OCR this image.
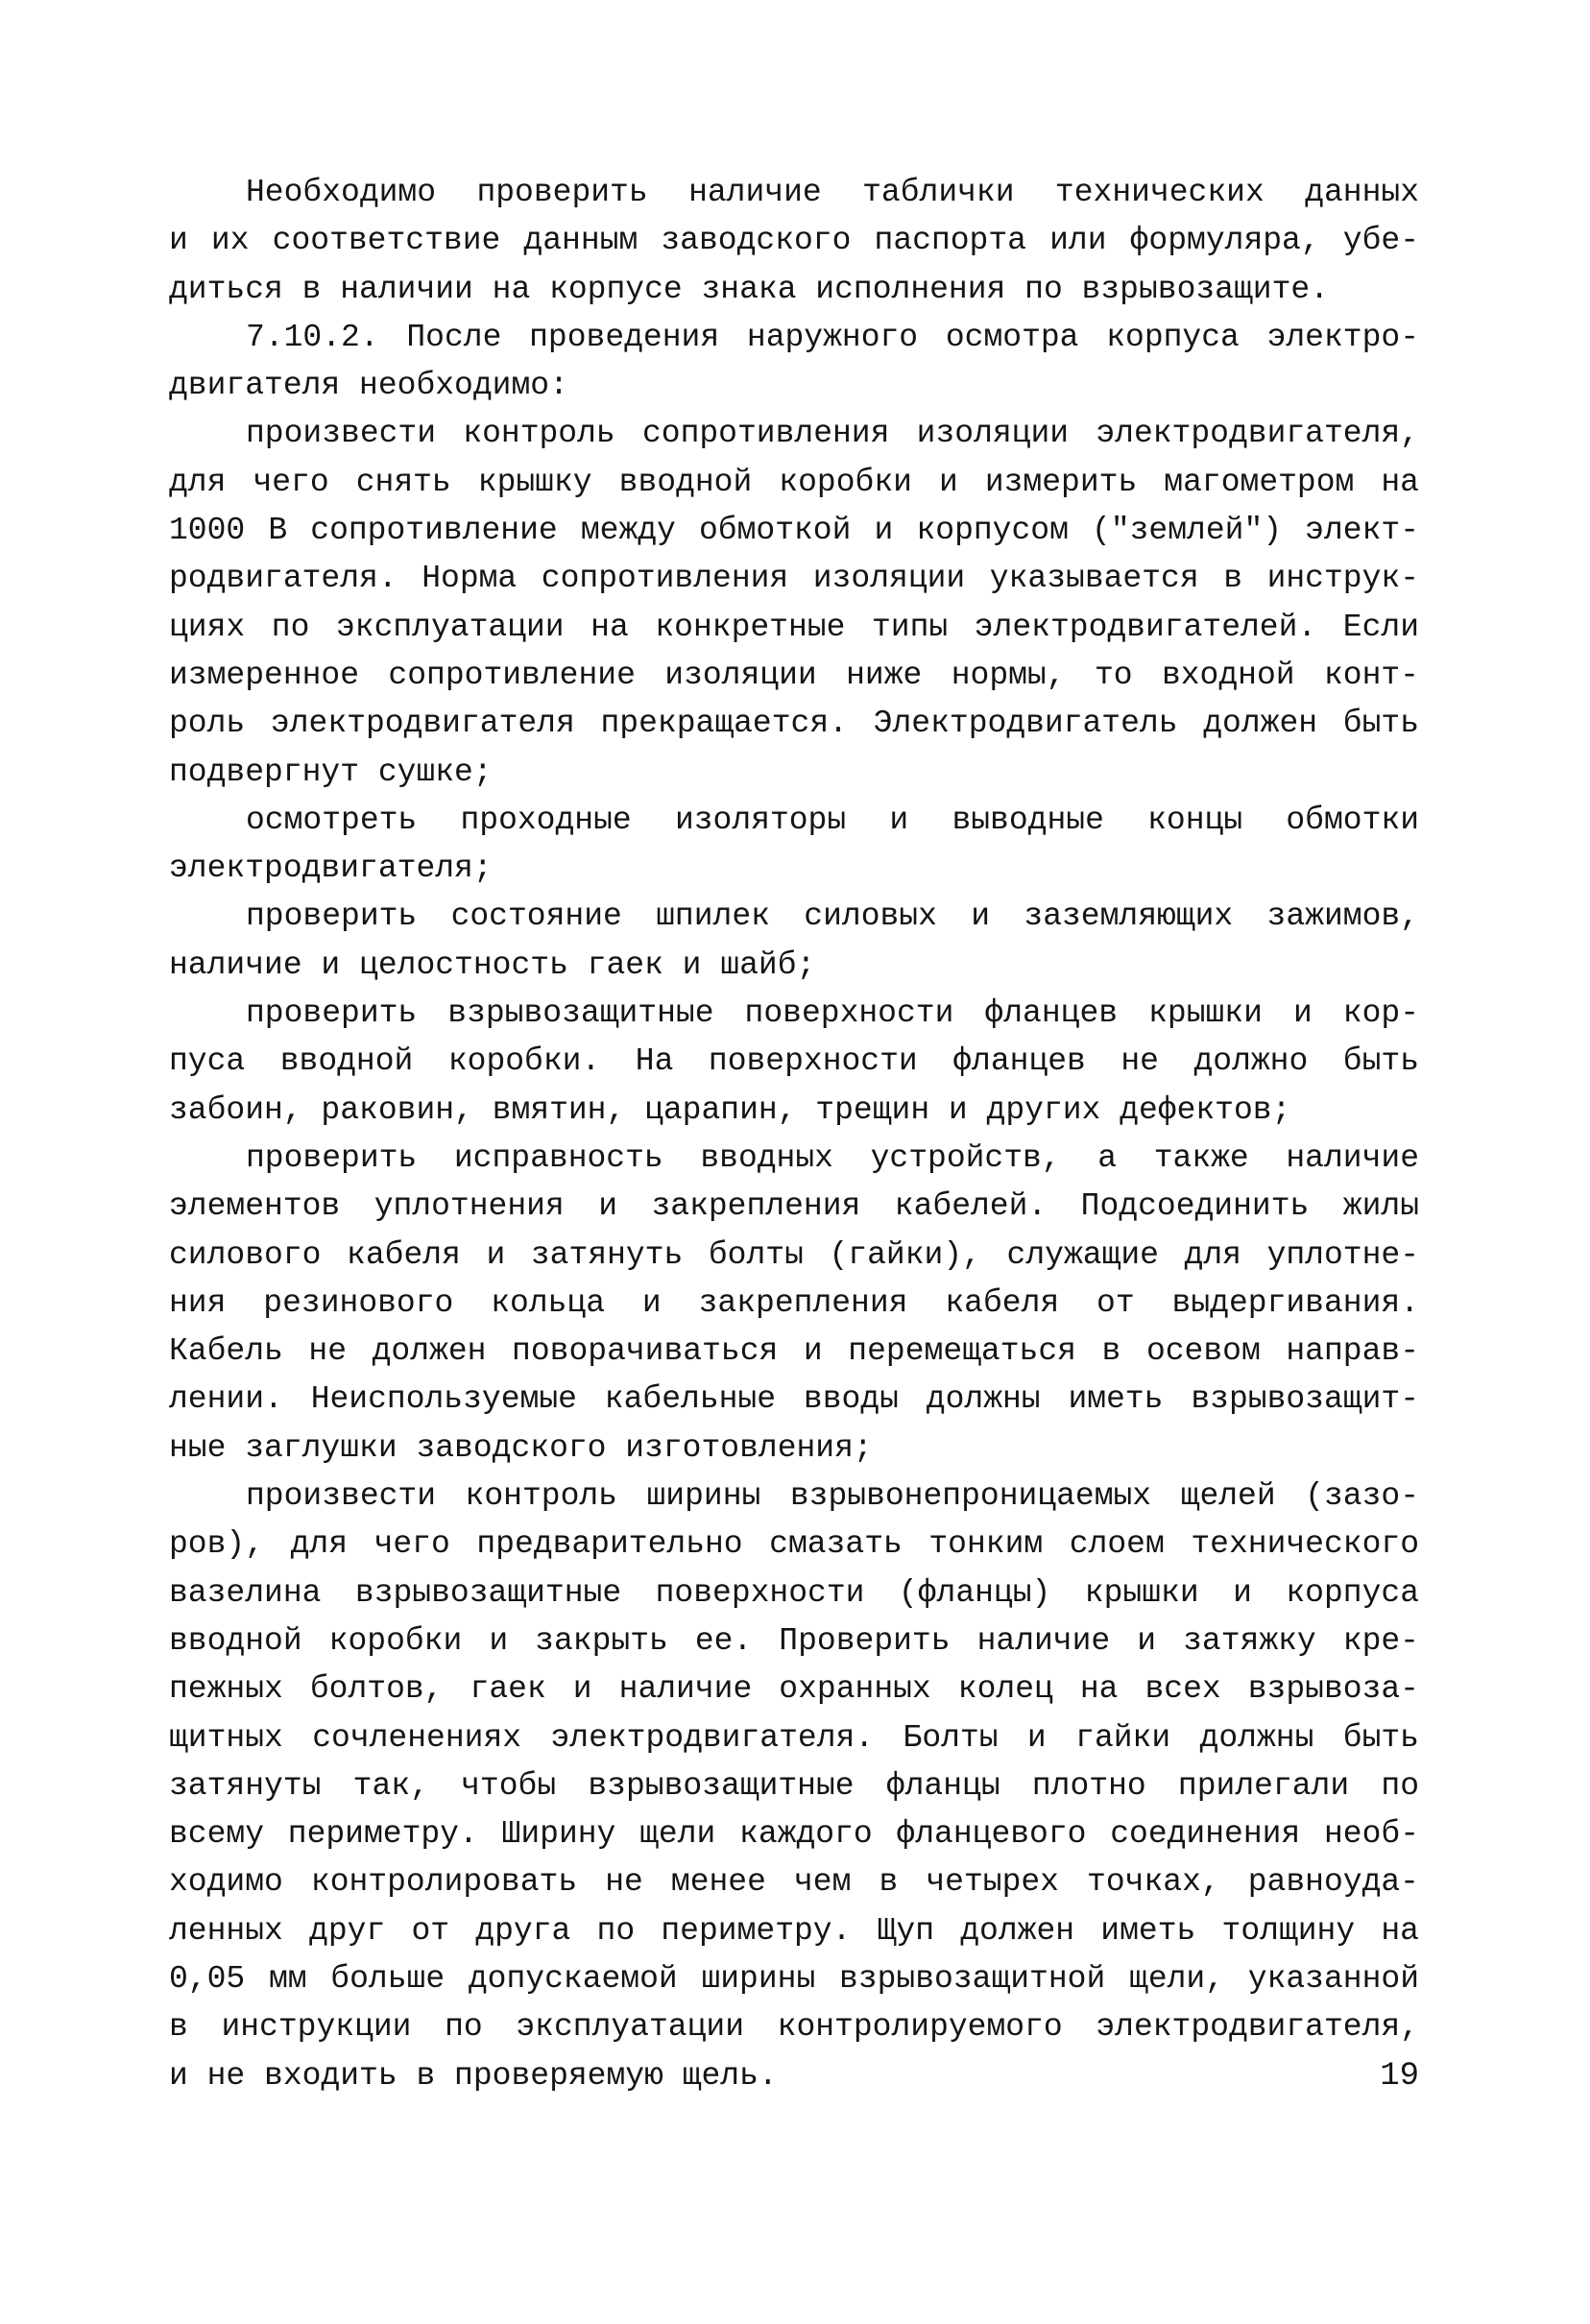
Необходимо проверить наличие таблички технических данных
и их соответствие данным заводского паспорта или формуляра, убе-
диться в наличии на корпусе знака исполнения по взрывозащите.
7.10.2. После проведения наружного осмотра корпуса электро-
двигателя необходимо:
произвести контроль сопротивления изоляции электродвигателя,
для чего снять крышку вводной коробки и измерить магометром на
1000 В сопротивление между обмоткой и корпусом ("землей") элект-
родвигателя. Норма сопротивления изоляции указывается в инструк-
циях по эксплуатации на конкретные типы электродвигателей. Если
измеренное сопротивление изоляции ниже нормы, то входной конт-
роль электродвигателя прекращается. Электродвигатель должен быть
подвергнут сушке;
осмотреть проходные изоляторы и выводные концы обмотки
электродвигателя;
проверить состояние шпилек силовых и заземляющих зажимов,
наличие и целостность гаек и шайб;
проверить взрывозащитные поверхности фланцев крышки и кор-
пуса вводной коробки. На поверхности фланцев не должно быть
забоин, раковин, вмятин, царапин, трещин и других дефектов;
проверить исправность вводных устройств, а также наличие
элементов уплотнения и закрепления кабелей. Подсоединить жилы
силового кабеля и затянуть болты (гайки), служащие для уплотне-
ния резинового кольца и закрепления кабеля от выдергивания.
Кабель не должен поворачиваться и перемещаться в осевом направ-
лении. Неиспользуемые кабельные вводы должны иметь взрывозащит-
ные заглушки заводского изготовления;
произвести контроль ширины взрывонепроницаемых щелей (зазо-
ров), для чего предварительно смазать тонким слоем технического
вазелина взрывозащитные поверхности (фланцы) крышки и корпуса
вводной коробки и закрыть ее. Проверить наличие и затяжку кре-
пежных болтов, гаек и наличие охранных колец на всех взрывоза-
щитных сочленениях электродвигателя. Болты и гайки должны быть
затянуты так, чтобы взрывозащитные фланцы плотно прилегали по
всему периметру. Ширину щели каждого фланцевого соединения необ-
ходимо контролировать не менее чем в четырех точках, равноуда-
ленных друг от друга по периметру. Щуп должен иметь толщину на
0,05 мм больше допускаемой ширины взрывозащитной щели, указанной
в инструкции по эксплуатации контролируемого электродвигателя,
и не входить в проверяемую щель.	19
